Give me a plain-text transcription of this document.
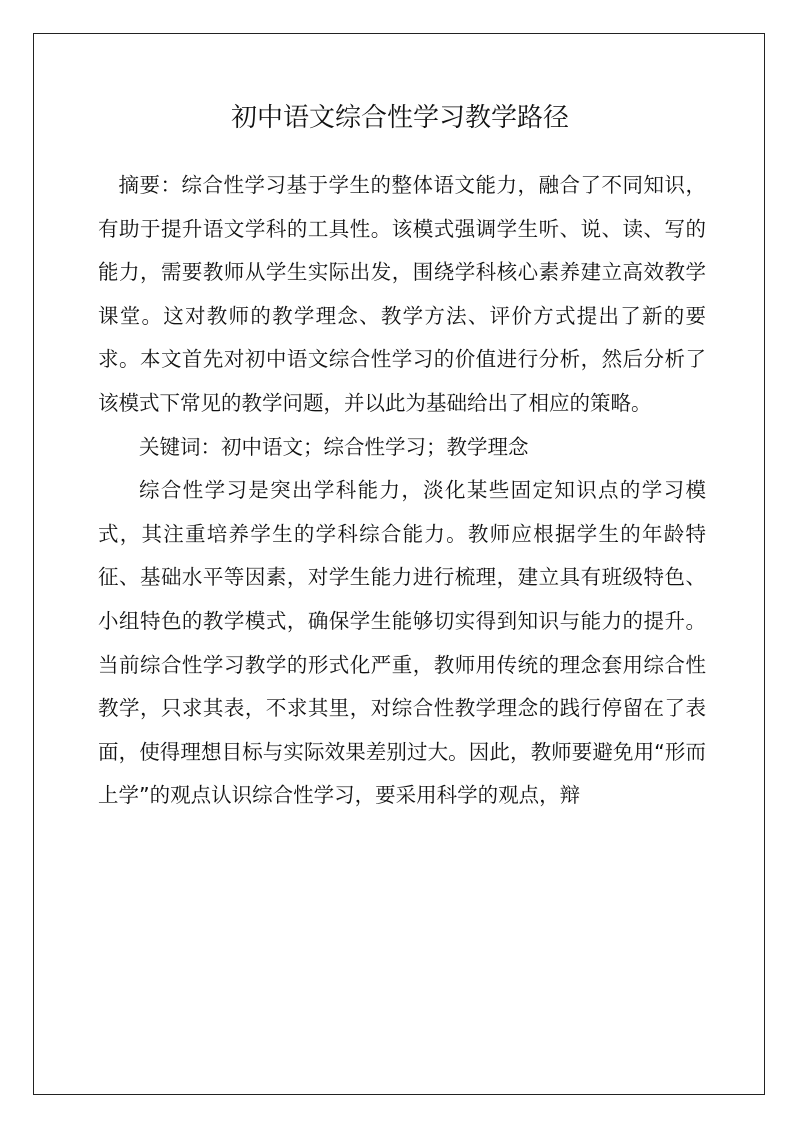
初中语文综合性学习教学路径

摘要：综合性学习基于学生的整体语文能力，融合了不同知识，有助于提升语文学科的工具性。该模式强调学生听、说、读、写的能力，需要教师从学生实际出发，围绕学科核心素养建立高效教学课堂。这对教师的教学理念、教学方法、评价方式提出了新的要求。本文首先对初中语文综合性学习的价值进行分析，然后分析了该模式下常见的教学问题，并以此为基础给出了相应的策略。

关键词：初中语文；综合性学习；教学理念

综合性学习是突出学科能力，淡化某些固定知识点的学习模式，其注重培养学生的学科综合能力。教师应根据学生的年龄特征、基础水平等因素，对学生能力进行梳理，建立具有班级特色、小组特色的教学模式，确保学生能够切实得到知识与能力的提升。当前综合性学习教学的形式化严重，教师用传统的理念套用综合性教学，只求其表，不求其里，对综合性教学理念的践行停留在了表面，使得理想目标与实际效果差别过大。因此，教师要避免用“形而上学”的观点认识综合性学习，要采用科学的观点，辩
